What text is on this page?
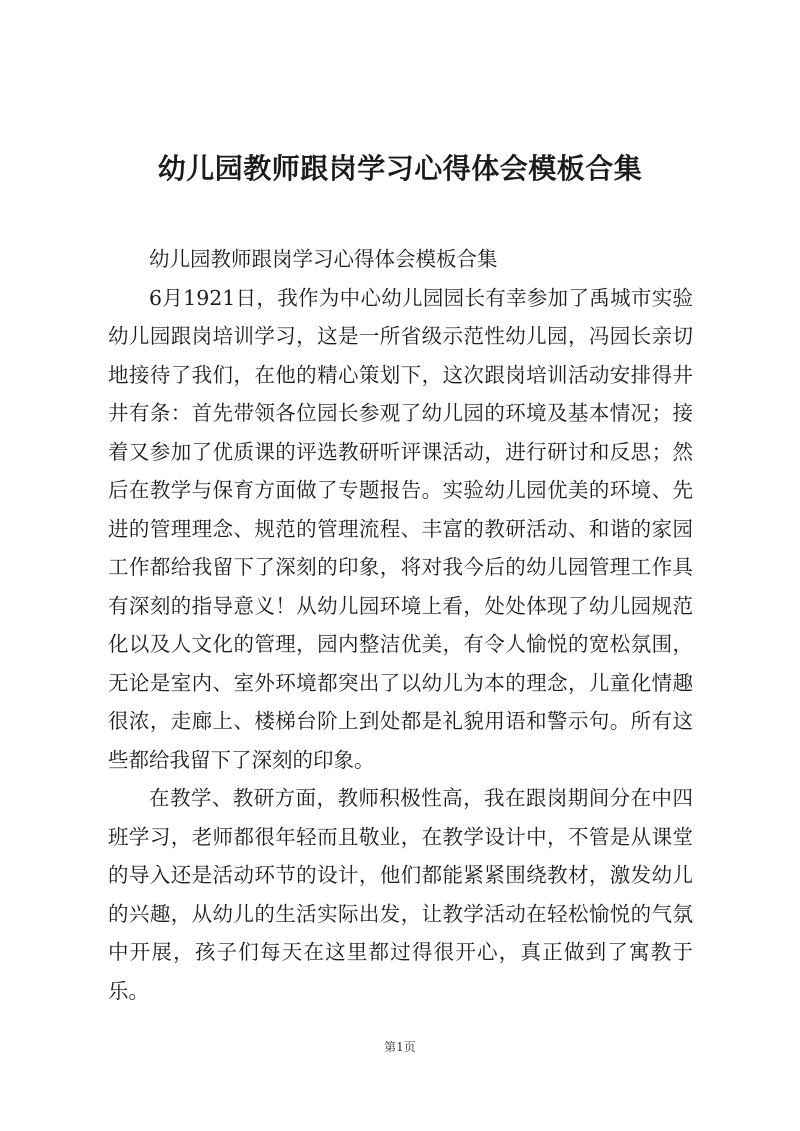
幼儿园教师跟岗学习心得体会模板合集

幼儿园教师跟岗学习心得体会模板合集

6月1921日，我作为中心幼儿园园长有幸参加了禹城市实验幼儿园跟岗培训学习，这是一所省级示范性幼儿园，冯园长亲切地接待了我们，在他的精心策划下，这次跟岗培训活动安排得井井有条：首先带领各位园长参观了幼儿园的环境及基本情况；接着又参加了优质课的评选教研听评课活动，进行研讨和反思；然后在教学与保育方面做了专题报告。实验幼儿园优美的环境、先进的管理理念、规范的管理流程、丰富的教研活动、和谐的家园工作都给我留下了深刻的印象，将对我今后的幼儿园管理工作具有深刻的指导意义！从幼儿园环境上看，处处体现了幼儿园规范化以及人文化的管理，园内整洁优美，有令人愉悦的宽松氛围，无论是室内、室外环境都突出了以幼儿为本的理念，儿童化情趣很浓，走廊上、楼梯台阶上到处都是礼貌用语和警示句。所有这些都给我留下了深刻的印象。

在教学、教研方面，教师积极性高，我在跟岗期间分在中四班学习，老师都很年轻而且敬业，在教学设计中，不管是从课堂的导入还是活动环节的设计，他们都能紧紧围绕教材，激发幼儿的兴趣，从幼儿的生活实际出发，让教学活动在轻松愉悦的气氛中开展，孩子们每天在这里都过得很开心，真正做到了寓教于乐。

第1页
